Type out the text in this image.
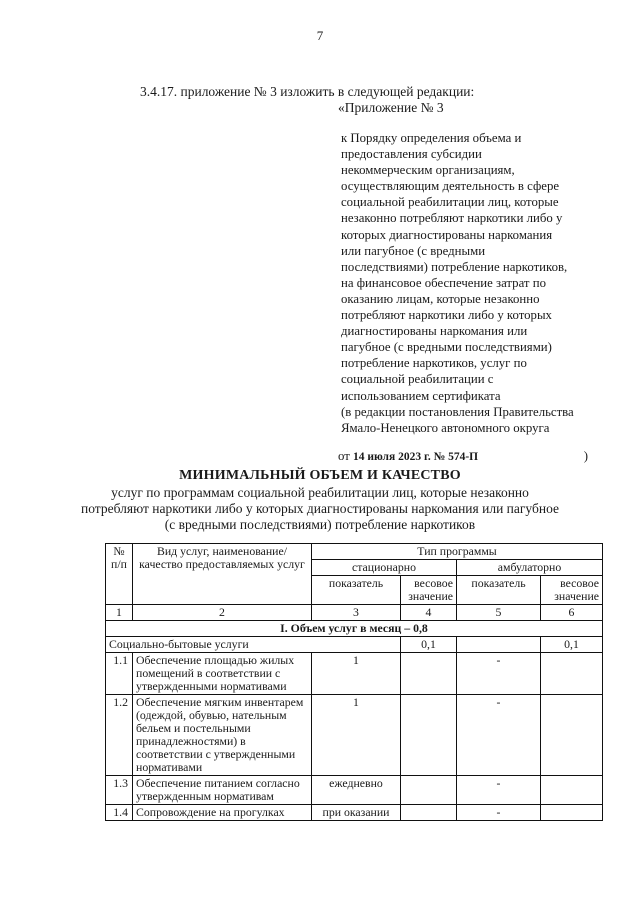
7
3.4.17. приложение № 3 изложить в следующей редакции:
«Приложение № 3
к Порядку определения объема и
предоставления субсидии
некоммерческим организациям,
осуществляющим деятельность в сфере
социальной реабилитации лиц, которые
незаконно потребляют наркотики либо у
которых диагностированы наркомания
или пагубное (с вредными
последствиями) потребление наркотиков,
на финансовое обеспечение затрат по
оказанию лицам, которые незаконно
потребляют наркотики либо у которых
диагностированы наркомания или
пагубное (с вредными последствиями)
потребление наркотиков, услуг по
социальной реабилитации с
использованием сертификата
(в редакции постановления Правительства
Ямало-Ненецкого автономного округа
от 14 июля 2023 г. № 574-П	)
МИНИМАЛЬНЫЙ ОБЪЕМ И КАЧЕСТВО
услуг по программам социальной реабилитации лиц, которые незаконно потребляют наркотики либо у которых диагностированы наркомания или пагубное (с вредными последствиями) потребление наркотиков
№ п/п	Вид услуг, наименование/качество предоставляемых услуг	Тип программы			
		стационарно		амбулаторно	
		показатель	весовое значение	показатель	весовое значение
1	2	3	4	5	6
I. Объем услуг в месяц – 0,8					
Социально-бытовые услуги			0,1		0,1
1.1	Обеспечение площадью жилых помещений в соответствии с утвержденными нормативами	1		-	
1.2	Обеспечение мягким инвентарем (одеждой, обувью, нательным бельем и постельными принадлежностями) в соответствии с утвержденными нормативами	1		-	
1.3	Обеспечение питанием согласно утвержденным нормативам	ежедневно		-	
1.4	Сопровождение на прогулках	при оказании		-	
